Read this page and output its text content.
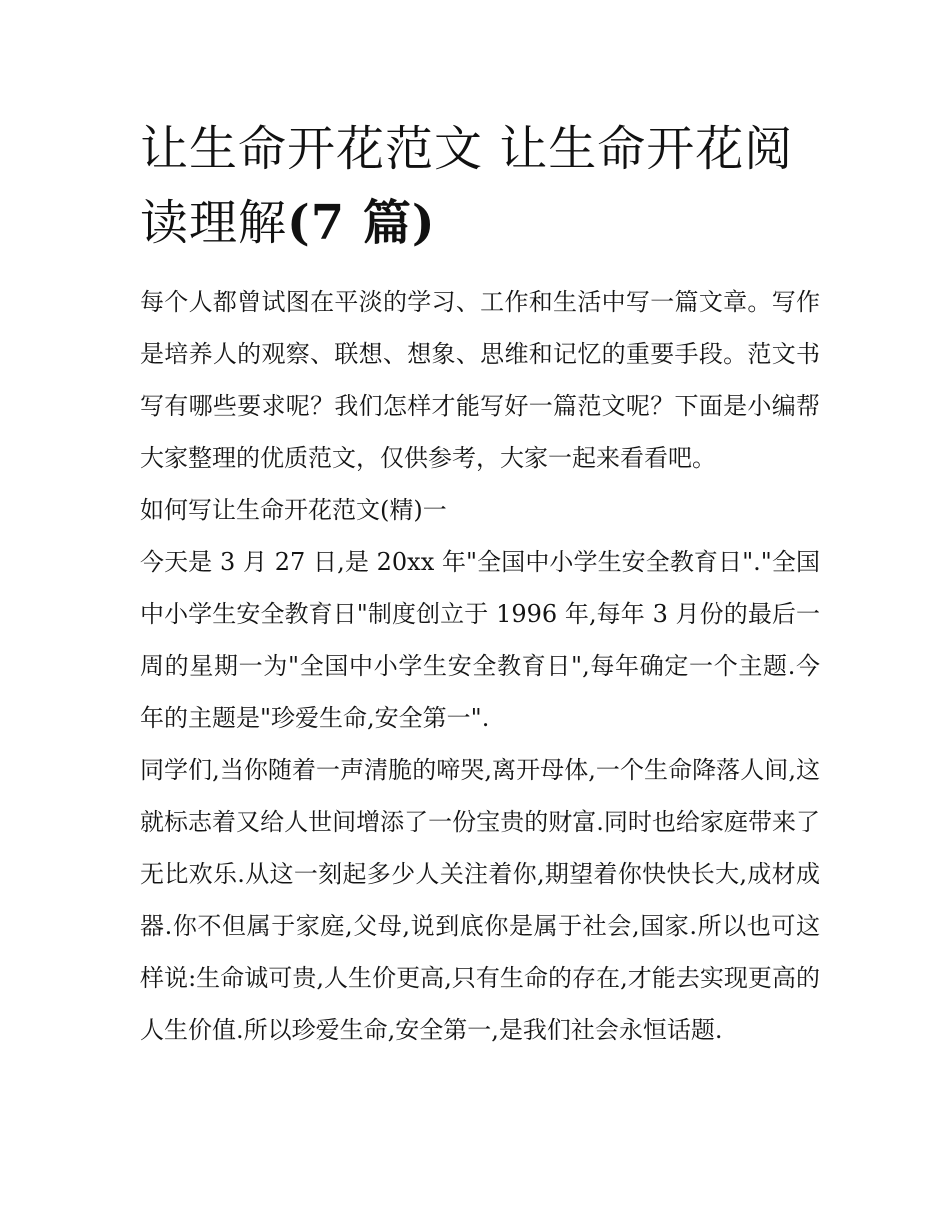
让生命开花范文 让生命开花阅读理解(7 篇)

每个人都曾试图在平淡的学习、工作和生活中写一篇文章。写作是培养人的观察、联想、想象、思维和记忆的重要手段。范文书写有哪些要求呢？我们怎样才能写好一篇范文呢？下面是小编帮大家整理的优质范文，仅供参考，大家一起来看看吧。

如何写让生命开花范文(精)一

今天是 3 月 27 日,是 20xx 年"全国中小学生安全教育日"."全国中小学生安全教育日"制度创立于 1996 年,每年 3 月份的最后一周的星期一为"全国中小学生安全教育日",每年确定一个主题.今年的主题是"珍爱生命,安全第一".

同学们,当你随着一声清脆的啼哭,离开母体,一个生命降落人间,这就标志着又给人世间增添了一份宝贵的财富.同时也给家庭带来了无比欢乐.从这一刻起多少人关注着你,期望着你快快长大,成材成器.你不但属于家庭,父母,说到底你是属于社会,国家.所以也可这样说:生命诚可贵,人生价更高,只有生命的存在,才能去实现更高的人生价值.所以珍爱生命,安全第一,是我们社会永恒话题.
